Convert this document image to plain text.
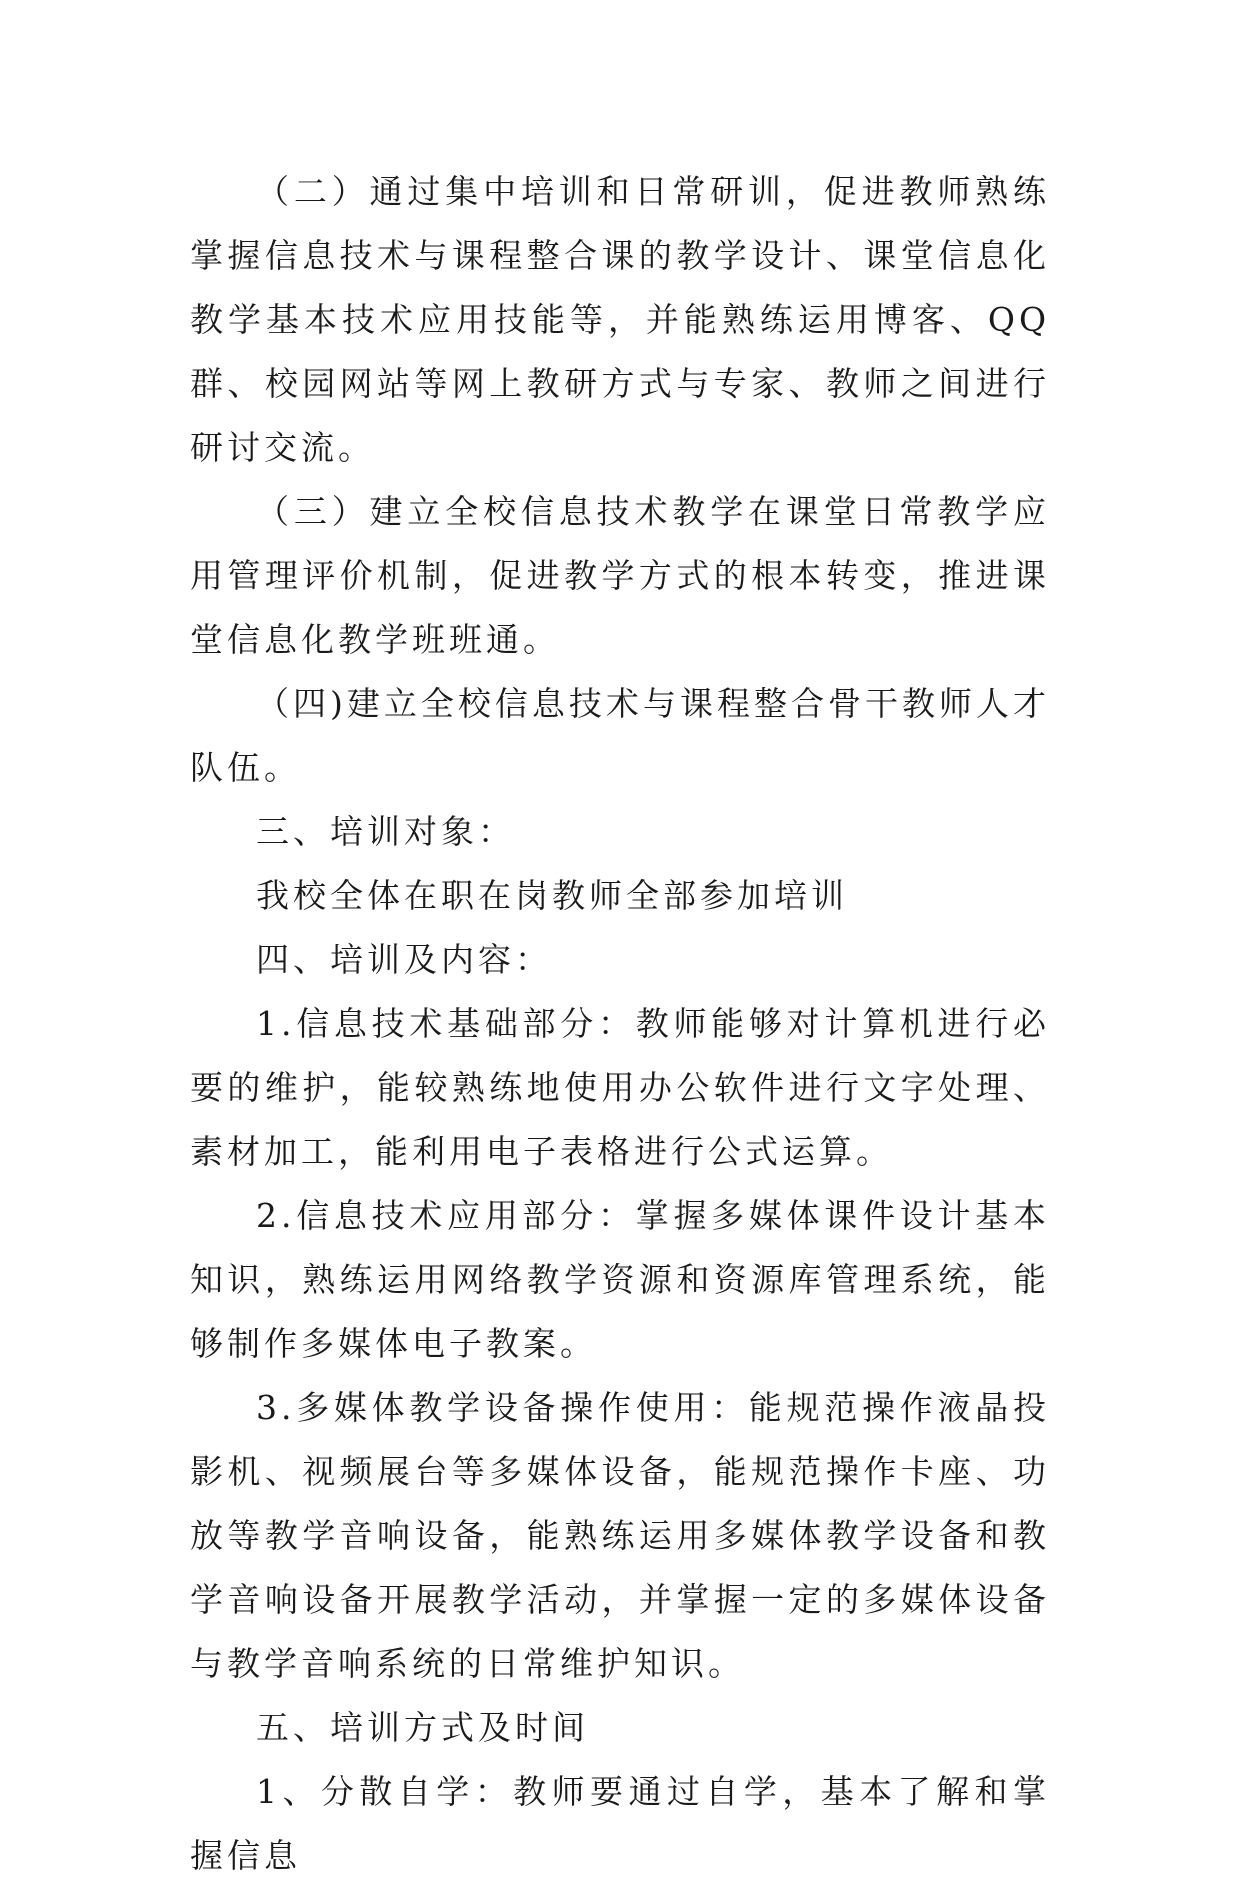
（二）通过集中培训和日常研训，促进教师熟练掌握信息技术与课程整合课的教学设计、课堂信息化教学基本技术应用技能等，并能熟练运用博客、QQ群、校园网站等网上教研方式与专家、教师之间进行研讨交流。

（三）建立全校信息技术教学在课堂日常教学应用管理评价机制，促进教学方式的根本转变，推进课堂信息化教学班班通。

（四)建立全校信息技术与课程整合骨干教师人才队伍。

三、培训对象：

我校全体在职在岗教师全部参加培训

四、培训及内容：

1.信息技术基础部分：教师能够对计算机进行必要的维护，能较熟练地使用办公软件进行文字处理、素材加工，能利用电子表格进行公式运算。

2.信息技术应用部分：掌握多媒体课件设计基本知识，熟练运用网络教学资源和资源库管理系统，能够制作多媒体电子教案。

3.多媒体教学设备操作使用：能规范操作液晶投影机、视频展台等多媒体设备，能规范操作卡座、功放等教学音响设备，能熟练运用多媒体教学设备和教学音响设备开展教学活动，并掌握一定的多媒体设备与教学音响系统的日常维护知识。

五、培训方式及时间

1、分散自学：教师要通过自学，基本了解和掌握信息
